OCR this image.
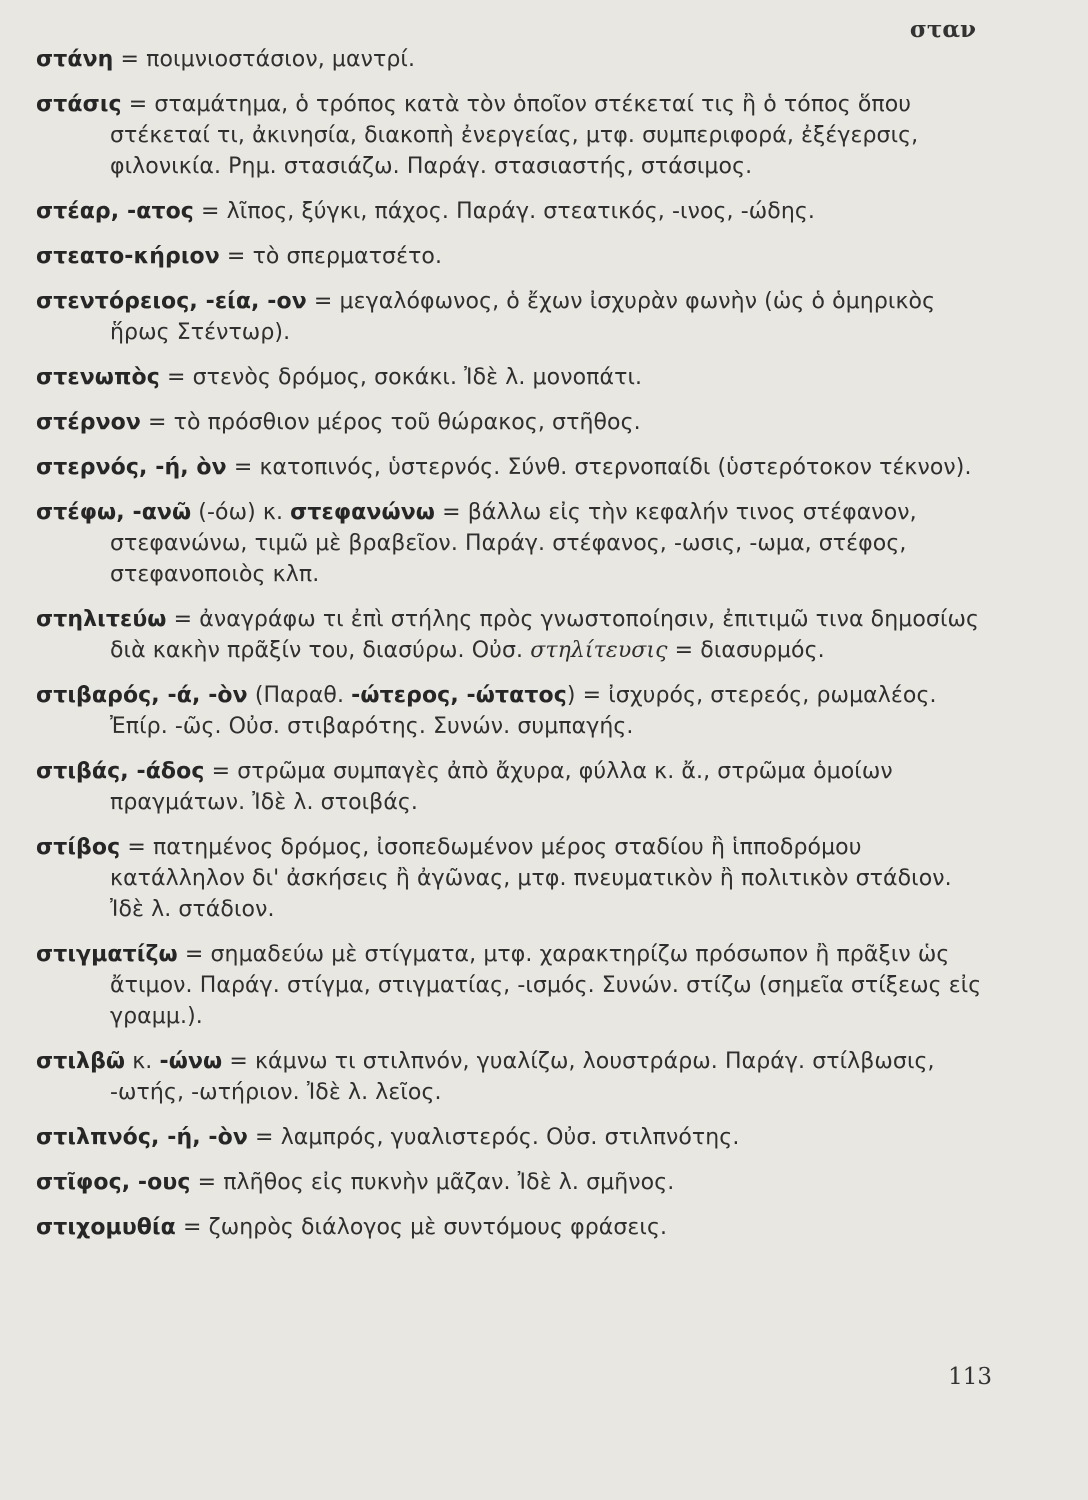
σταν

στάνη = ποιμνιοστάσιον, μαντρί.

στάσις = σταμάτημα, ὁ τρόπος κατὰ τὸν ὁποῖον στέκεταί τις ἢ ὁ τόπος ὅπου στέκεταί τι, ἀκινησία, διακοπὴ ἐνεργείας, μτφ. συμπεριφορά, ἐξέγερσις, φιλονικία. Ρημ. στασιάζω. Παράγ. στασιαστής, στάσιμος.

στέαρ, -ατος = λῖπος, ξύγκι, πάχος. Παράγ. στεατικός, -ινος, -ώδης.

στεατο-κήριον = τὸ σπερματσέτο.

στεντόρειος, -εία, -ον = μεγαλόφωνος, ὁ ἔχων ἰσχυρὰν φωνὴν (ὡς ὁ ὁμηρικὸς ἥρως Στέντωρ).

στενωπὸς = στενὸς δρόμος, σοκάκι. Ἰδὲ λ. μονοπάτι.

στέρνον = τὸ πρόσθιον μέρος τοῦ θώρακος, στῆθος.

στερνός, -ή, ὸν = κατοπινός, ὑστερνός. Σύνθ. στερνοπαίδι (ὑστερότοκον τέκνον).

στέφω, -ανῶ (-όω) κ. στεφανώνω = βάλλω εἰς τὴν κεφαλήν τινος στέφανον, στεφανώνω, τιμῶ μὲ βραβεῖον. Παράγ. στέφανος, -ωσις, -ωμα, στέφος, στεφανοποιὸς κλπ.

στηλιτεύω = ἀναγράφω τι ἐπὶ στήλης πρὸς γνωστοποίησιν, ἐπιτιμῶ τινα δημοσίως διὰ κακὴν πρᾶξίν του, διασύρω. Οὐσ. στηλίτευσις = διασυρμός.

στιβαρός, -ά, -ὸν (Παραθ. -ώτερος, -ώτατος) = ἰσχυρός, στερεός, ρωμαλέος. Ἐπίρ. -ῶς. Οὐσ. στιβαρότης. Συνών. συμπαγής.

στιβάς, -άδος = στρῶμα συμπαγὲς ἀπὸ ἄχυρα, φύλλα κ. ἄ., στρῶμα ὁμοίων πραγμάτων. Ἰδὲ λ. στοιβάς.

στίβος = πατημένος δρόμος, ἰσοπεδωμένον μέρος σταδίου ἢ ἱπποδρόμου κατάλληλον δι' ἀσκήσεις ἢ ἀγῶνας, μτφ. πνευματικὸν ἢ πολιτικὸν στάδιον. Ἰδὲ λ. στάδιον.

στιγματίζω = σημαδεύω μὲ στίγματα, μτφ. χαρακτηρίζω πρόσωπον ἢ πρᾶξιν ὡς ἄτιμον. Παράγ. στίγμα, στιγματίας, -ισμός. Συνών. στίζω (σημεῖα στίξεως εἰς γραμμ.).

στιλβῶ κ. -ώνω = κάμνω τι στιλπνόν, γυαλίζω, λουστράρω. Παράγ. στίλβωσις, -ωτής, -ωτήριον. Ἰδὲ λ. λεῖος.

στιλπνός, -ή, -ὸν = λαμπρός, γυαλιστερός. Οὐσ. στιλπνότης.

στῖφος, -ους = πλῆθος εἰς πυκνὴν μᾶζαν. Ἰδὲ λ. σμῆνος.

στιχομυθία = ζωηρὸς διάλογος μὲ συντόμους φράσεις.

113
